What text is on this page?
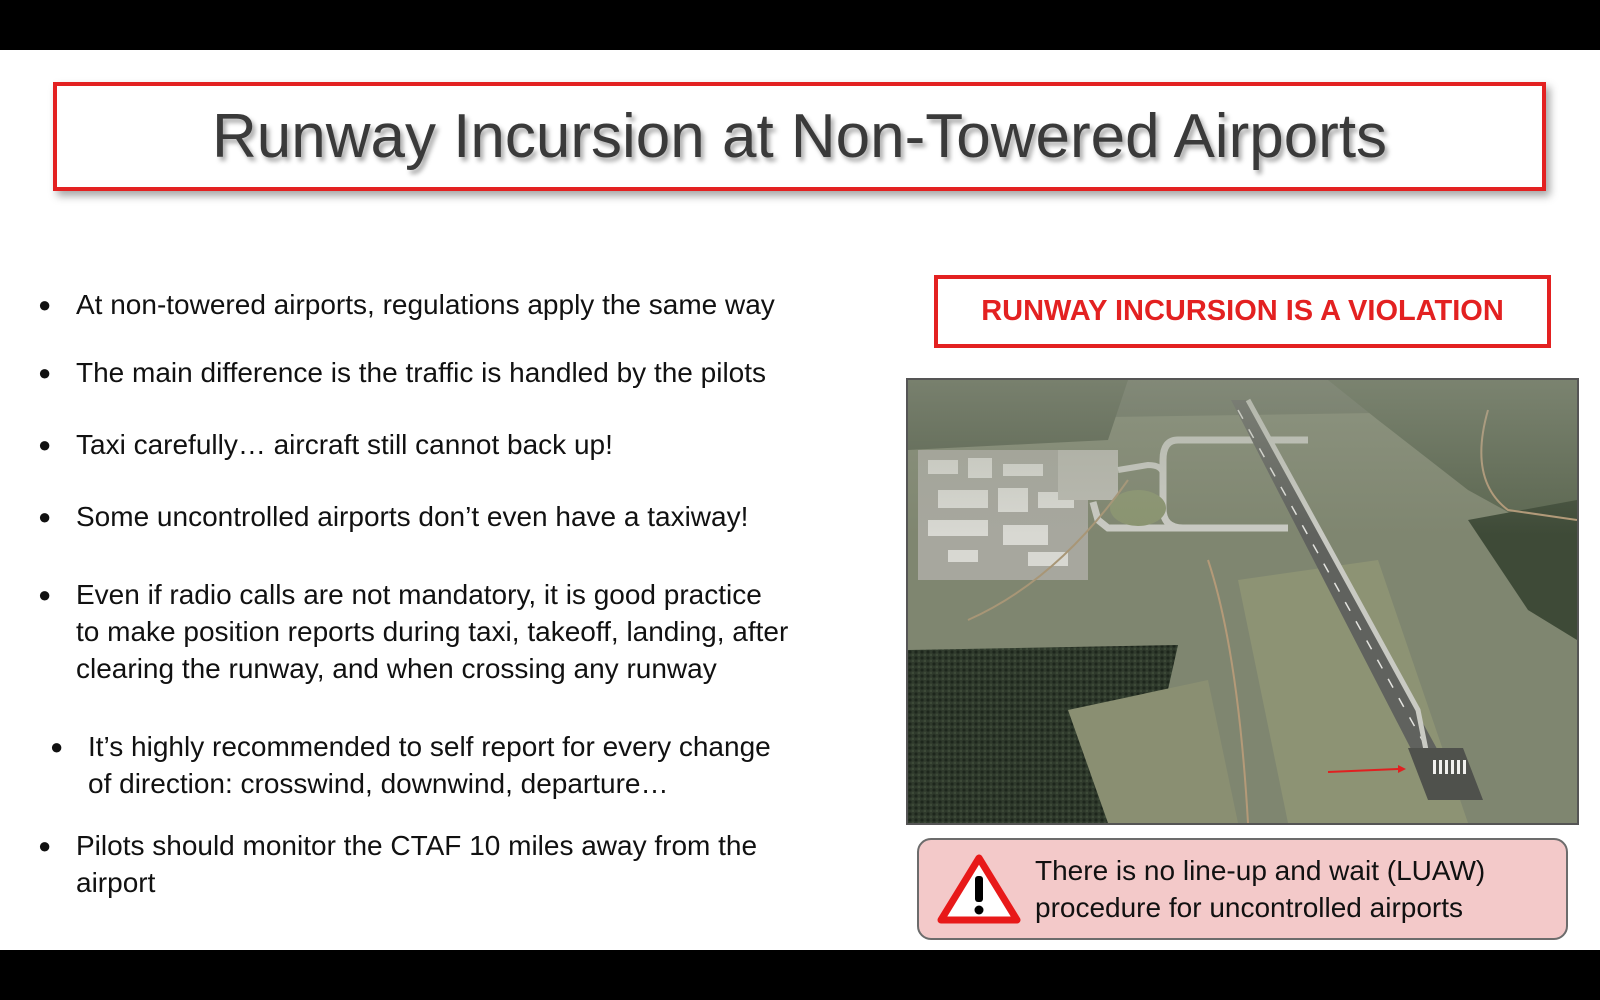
Runway Incursion at Non-Towered Airports
● At non-towered airports, regulations apply the same way
● The main difference is the traffic is handled by the pilots
● Taxi carefully… aircraft still cannot back up!
● Some uncontrolled airports don’t even have a taxiway!
● Even if radio calls are not mandatory, it is good practice
to make position reports during taxi, takeoff, landing, after
clearing the runway, and when crossing any runway
● It’s highly recommended to self report for every change
of direction: crosswind, downwind, departure…
● Pilots should monitor the CTAF 10 miles away from the
airport
RUNWAY INCURSION IS A VIOLATION
There is no line-up and wait (LUAW)
procedure for uncontrolled airports
